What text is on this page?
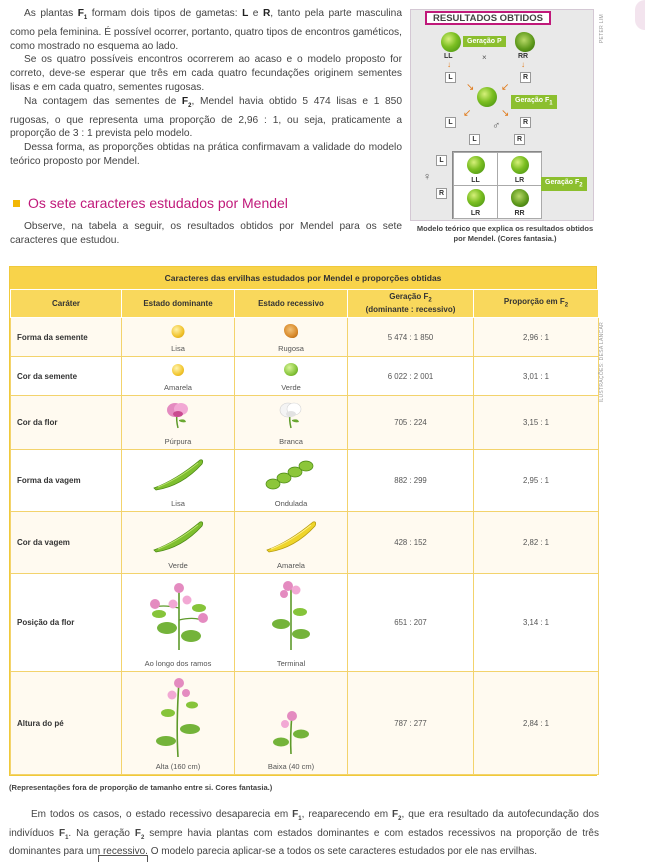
As plantas $F_1$ formam dois tipos de gametas: L e R, tanto pela parte masculina como pela feminina. É possível ocorrer, portanto, quatro tipos de encontros gaméticos, como mostrado no esquema ao lado.

Se os quatro possíveis encontros ocorrerem ao acaso e o modelo proposto for correto, deve-se esperar que três em cada quatro fecundações originem sementes lisas e em cada quatro, sementes rugosas.

Na contagem das sementes de $F_2$, Mendel havia obtido 5 474 lisas e 1 850 rugosas, o que representa uma proporção de 2,96 : 1, ou seja, praticamente a proporção de 3 : 1 prevista pelo modelo.

Dessa forma, as proporções obtidas na prática confirmavam a validade do modelo teórico proposto por Mendel.

Os sete caracteres estudados por Mendel

Observe, na tabela a seguir, os resultados obtidos por Mendel para os sete caracteres que estudou.

RESULTADOS OBTIDOS
Geração P
LL	×	RR
↓	↓
L	R
↘	↙
Geração $F_1$
↙	↘
L	♂	R
L	R
L
♀
R
LL	LR
LR	RR
Geração $F_2$
PETER LIM
Modelo teórico que explica os resultados obtidos por Mendel. (Cores fantasia.)
Caracteres das ervilhas estudados por Mendel e proporções obtidas
Caráter	Estado dominante	Estado recessivo	Geração $F_2$
(dominante : recessivo)	Proporção em $F_2$
Forma da semente	Lisa	Rugosa	5 474 : 1 850	2,96 : 1
Cor da semente	Amarela	Verde	6 022 : 2 001	3,01 : 1
Cor da flor	Púrpura	Branca	705 : 224	3,15 : 1
Forma da vagem	Lisa	Ondulada	882 : 299	2,95 : 1
Cor da vagem	Verde	Amarela	428 : 152	2,82 : 1
Posição da flor	Ao longo dos ramos	Terminal	651 : 207	3,14 : 1
Altura do pé	Alta (160 cm)	Baixa (40 cm)	787 : 277	2,84 : 1
ILUSTRAÇÕES: DESA LANCAR
(Representações fora de proporção de tamanho entre si. Cores fantasia.)

Em todos os casos, o estado recessivo desaparecia em $F_1$, reaparecendo em $F_2$, que era resultado da autofecundação dos indivíduos $F_1$. Na geração $F_2$ sempre havia plantas com estados dominantes e com estados recessivos na proporção de três dominantes para um recessivo. O modelo parecia aplicar-se a todos os sete caracteres estudados por ele nas ervilhas.
